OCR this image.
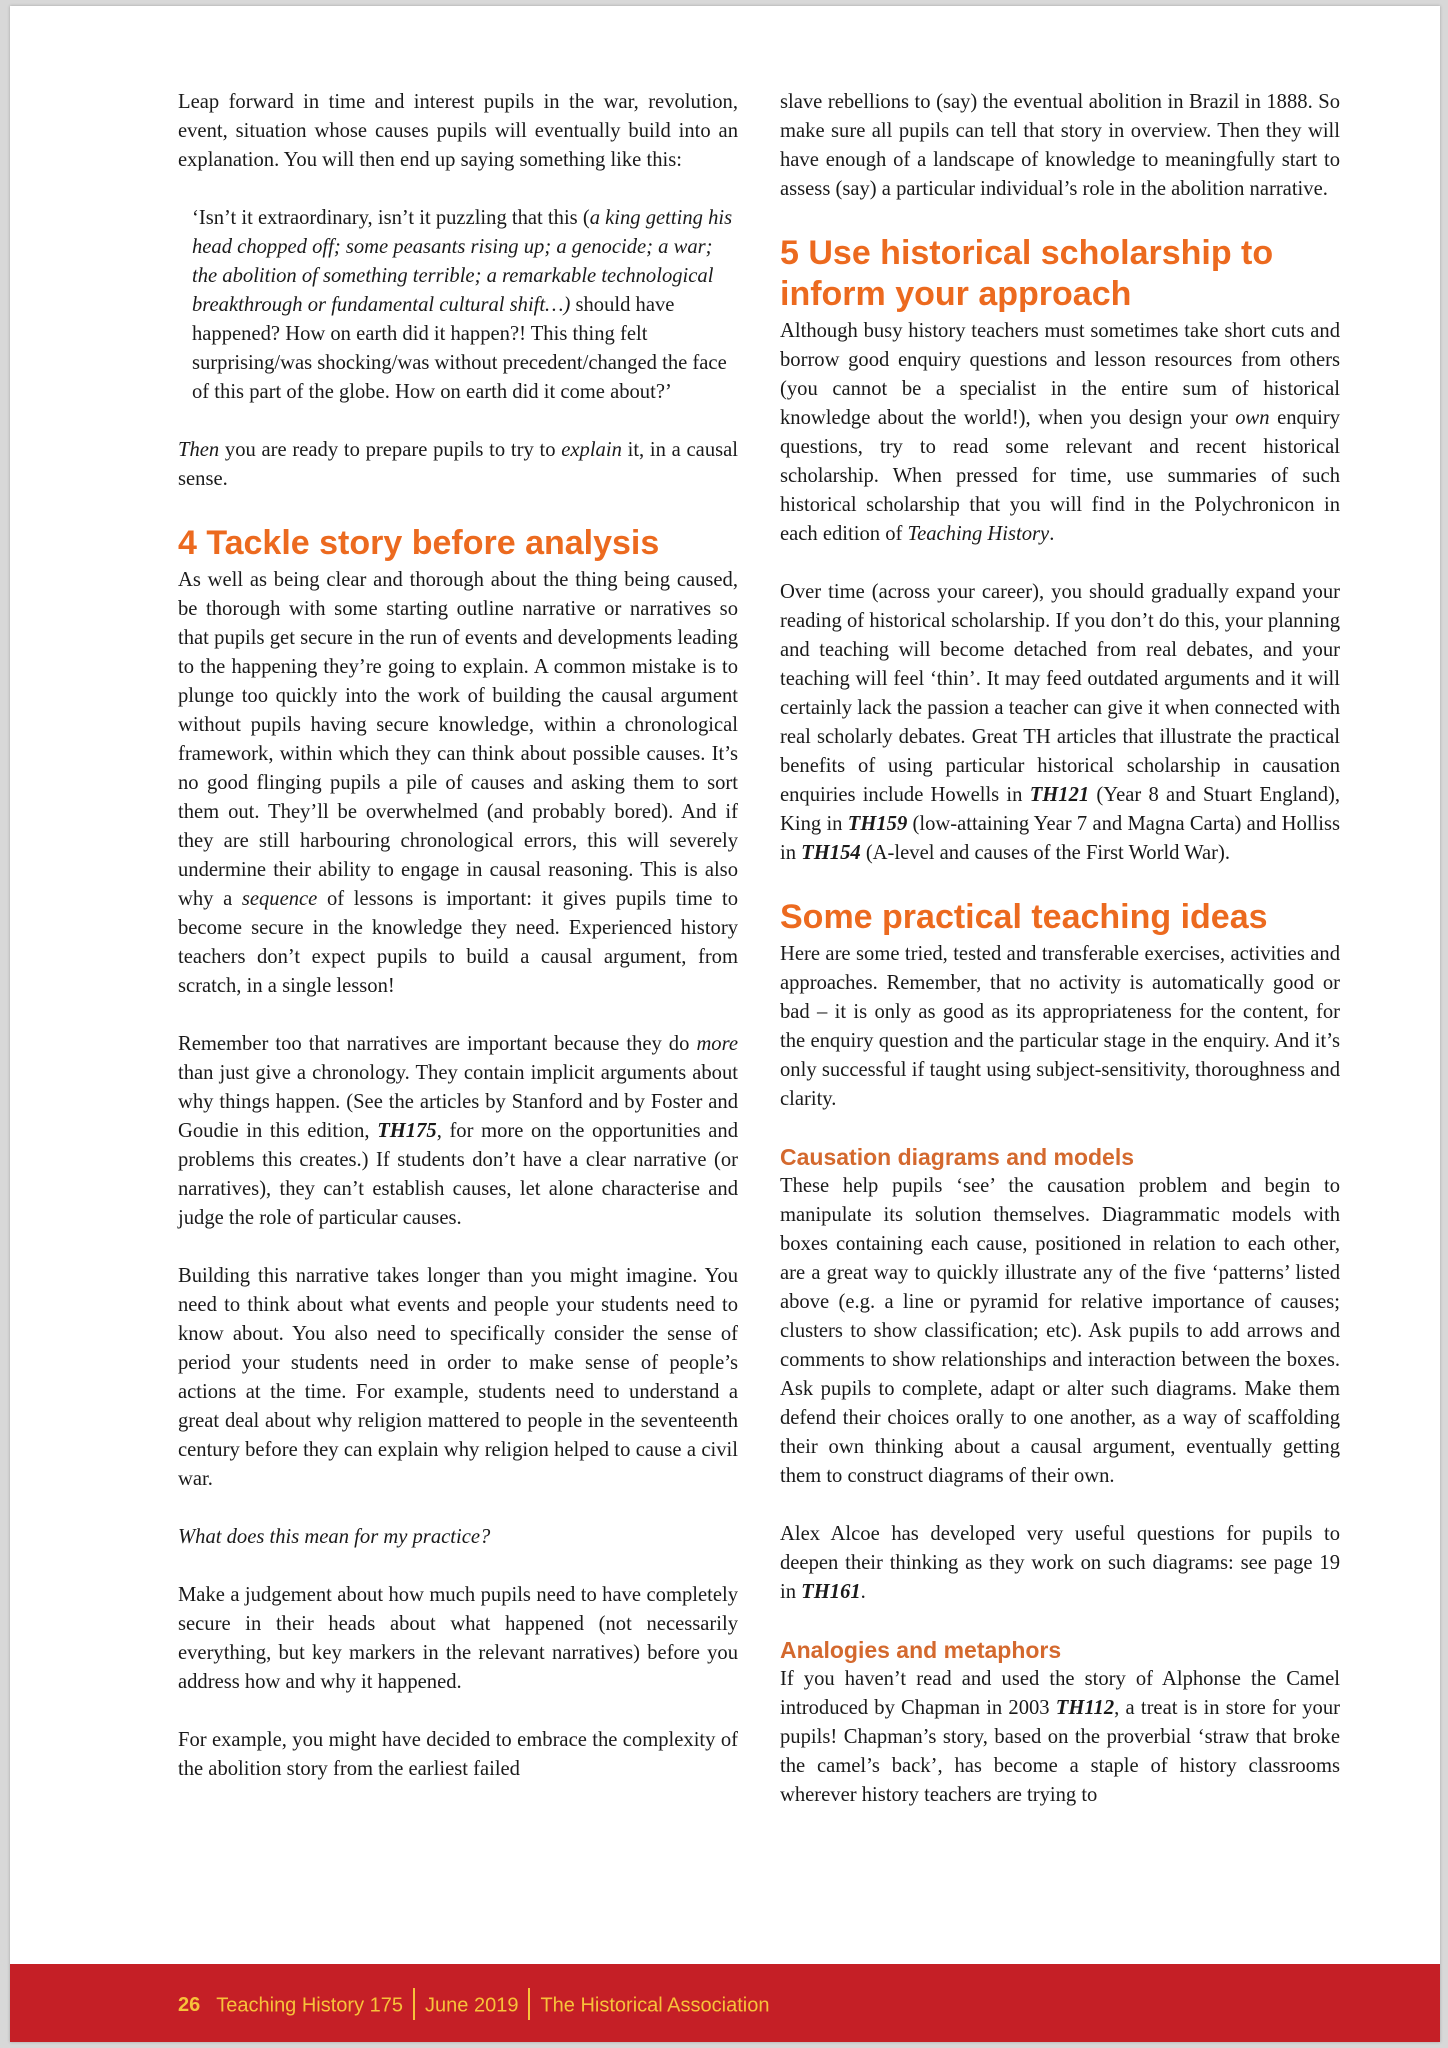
Leap forward in time and interest pupils in the war, revolution, event, situation whose causes pupils will eventually build into an explanation. You will then end up saying something like this:

‘Isn’t it extraordinary, isn’t it puzzling that this (a king getting his head chopped off; some peasants rising up; a genocide; a war; the abolition of something terrible; a remarkable technological breakthrough or fundamental cultural shift…) should have happened? How on earth did it happen?! This thing felt surprising/was shocking/was without precedent/changed the face of this part of the globe. How on earth did it come about?’

Then you are ready to prepare pupils to try to explain it, in a causal sense.

4 Tackle story before analysis

As well as being clear and thorough about the thing being caused, be thorough with some starting outline narrative or narratives so that pupils get secure in the run of events and developments leading to the happening they’re going to explain. A common mistake is to plunge too quickly into the work of building the causal argument without pupils having secure knowledge, within a chronological framework, within which they can think about possible causes. It’s no good flinging pupils a pile of causes and asking them to sort them out. They’ll be overwhelmed (and probably bored). And if they are still harbouring chronological errors, this will severely undermine their ability to engage in causal reasoning. This is also why a sequence of lessons is important: it gives pupils time to become secure in the knowledge they need. Experienced history teachers don’t expect pupils to build a causal argument, from scratch, in a single lesson!

Remember too that narratives are important because they do more than just give a chronology. They contain implicit arguments about why things happen. (See the articles by Stanford and by Foster and Goudie in this edition, TH175, for more on the opportunities and problems this creates.) If students don’t have a clear narrative (or narratives), they can’t establish causes, let alone characterise and judge the role of particular causes.

Building this narrative takes longer than you might imagine. You need to think about what events and people your students need to know about. You also need to specifically consider the sense of period your students need in order to make sense of people’s actions at the time. For example, students need to understand a great deal about why religion mattered to people in the seventeenth century before they can explain why religion helped to cause a civil war.

What does this mean for my practice?

Make a judgement about how much pupils need to have completely secure in their heads about what happened (not necessarily everything, but key markers in the relevant narratives) before you address how and why it happened.

For example, you might have decided to embrace the complexity of the abolition story from the earliest failed

slave rebellions to (say) the eventual abolition in Brazil in 1888. So make sure all pupils can tell that story in overview. Then they will have enough of a landscape of knowledge to meaningfully start to assess (say) a particular individual’s role in the abolition narrative.

5 Use historical scholarship to inform your approach

Although busy history teachers must sometimes take short cuts and borrow good enquiry questions and lesson resources from others (you cannot be a specialist in the entire sum of historical knowledge about the world!), when you design your own enquiry questions, try to read some relevant and recent historical scholarship. When pressed for time, use summaries of such historical scholarship that you will find in the Polychronicon in each edition of Teaching History.

Over time (across your career), you should gradually expand your reading of historical scholarship. If you don’t do this, your planning and teaching will become detached from real debates, and your teaching will feel ‘thin’. It may feed outdated arguments and it will certainly lack the passion a teacher can give it when connected with real scholarly debates. Great TH articles that illustrate the practical benefits of using particular historical scholarship in causation enquiries include Howells in TH121 (Year 8 and Stuart England), King in TH159 (low-attaining Year 7 and Magna Carta) and Holliss in TH154 (A-level and causes of the First World War).

Some practical teaching ideas

Here are some tried, tested and transferable exercises, activities and approaches. Remember, that no activity is automatically good or bad – it is only as good as its appropriateness for the content, for the enquiry question and the particular stage in the enquiry. And it’s only successful if taught using subject-sensitivity, thoroughness and clarity.

Causation diagrams and models

These help pupils ‘see’ the causation problem and begin to manipulate its solution themselves. Diagrammatic models with boxes containing each cause, positioned in relation to each other, are a great way to quickly illustrate any of the five ‘patterns’ listed above (e.g. a line or pyramid for relative importance of causes; clusters to show classification; etc). Ask pupils to add arrows and comments to show relationships and interaction between the boxes. Ask pupils to complete, adapt or alter such diagrams. Make them defend their choices orally to one another, as a way of scaffolding their own thinking about a causal argument, eventually getting them to construct diagrams of their own.

Alex Alcoe has developed very useful questions for pupils to deepen their thinking as they work on such diagrams: see page 19 in TH161.

Analogies and metaphors

If you haven’t read and used the story of Alphonse the Camel introduced by Chapman in 2003 TH112, a treat is in store for your pupils! Chapman’s story, based on the proverbial ‘straw that broke the camel’s back’, has become a staple of history classrooms wherever history teachers are trying to

26 Teaching History 175 June 2019 The Historical Association
